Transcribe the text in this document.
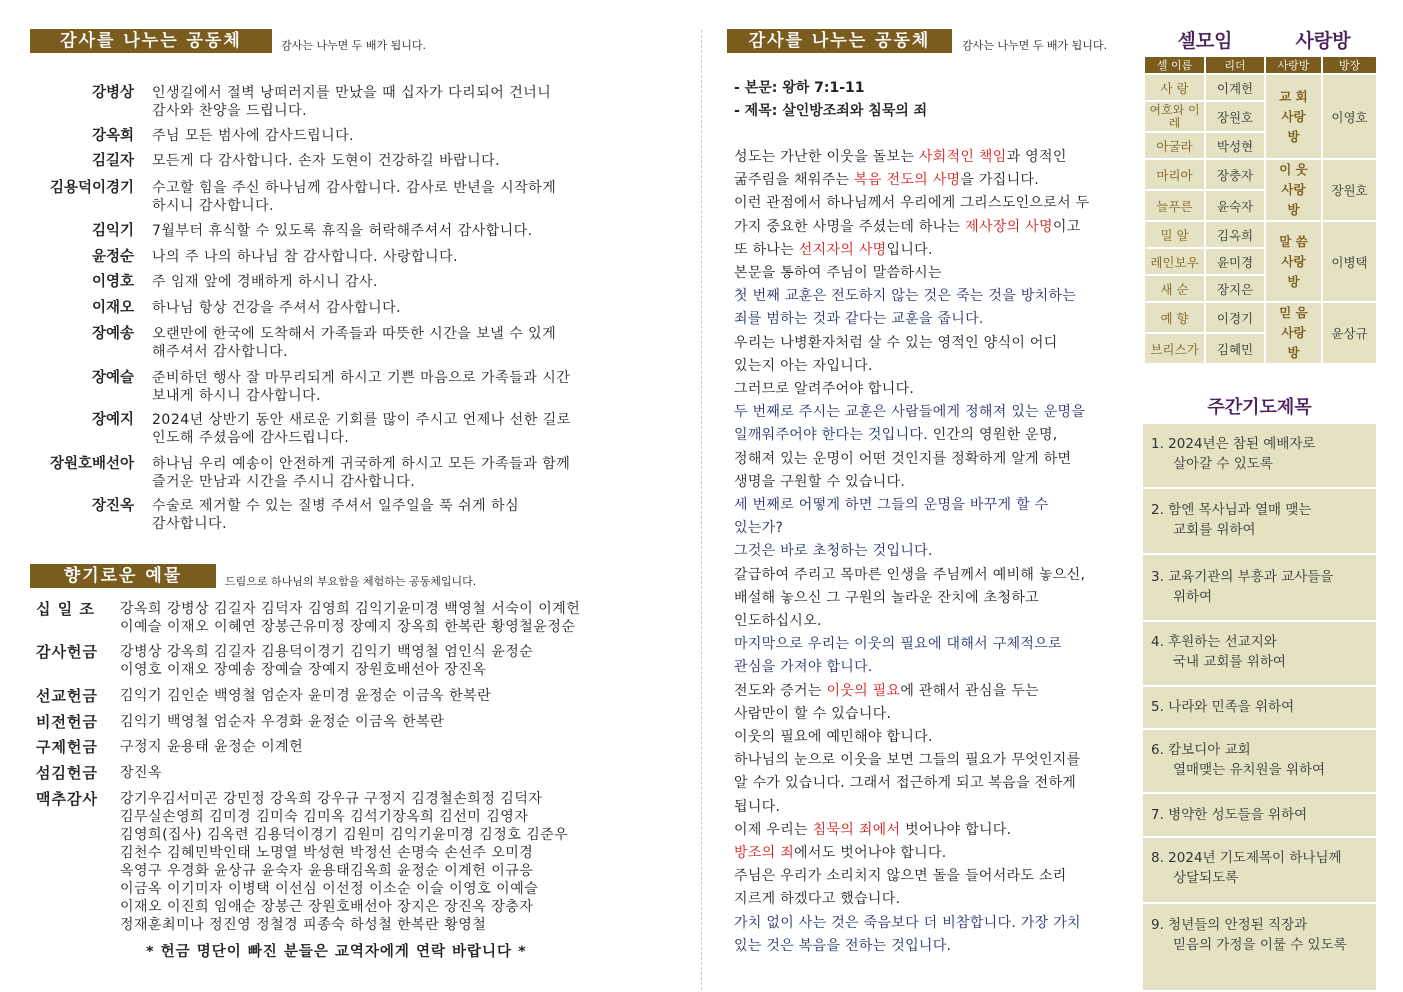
감사를 나누는 공동체	감사는 나누면 두 배가 됩니다.
강병상 인생길에서 절벽 낭떠러지를 만났을 때 십자가 다리되어 건너니
감사와 찬양을 드립니다.
강옥희 주님 모든 범사에 감사드립니다.
김길자 모든게 다 감사합니다. 손자 도현이 건강하길 바랍니다.
김용덕이경기 수고할 힘을 주신 하나님께 감사합니다. 감사로 반년을 시작하게
하시니 감사합니다.
김익기 7월부터 휴식할 수 있도록 휴직을 허락해주셔서 감사합니다.
윤정순 나의 주 나의 하나님 참 감사합니다. 사랑합니다.
이영호 주 임재 앞에 경배하게 하시니 감사.
이재오 하나님 항상 건강을 주셔서 감사합니다.
장예송 오랜만에 한국에 도착해서 가족들과 따뜻한 시간을 보낼 수 있게
해주셔서 감사합니다.
장예슬 준비하던 행사 잘 마무리되게 하시고 기쁜 마음으로 가족들과 시간
보내게 하시니 감사합니다.
장예지 2024년 상반기 동안 새로운 기회를 많이 주시고 언제나 선한 길로
인도해 주셨음에 감사드립니다.
장원호배선아 하나님 우리 예송이 안전하게 귀국하게 하시고 모든 가족들과 함께
즐거운 만남과 시간을 주시니 감사합니다.
장진옥 수술로 제거할 수 있는 질병 주셔서 일주일을 푹 쉬게 하심
감사합니다.
향기로운 예물	드림으로 하나님의 부요함을 체험하는 공동체입니다.
십 일 조	강옥희 강병상 김길자 김덕자 김영희 김익기윤미경 백영철 서숙이 이계헌
이예슬 이재오 이혜연 장봉근유미정 장예지 장옥희 한복란 황영철윤정순
감사헌금	강병상 강옥희 김길자 김용덕이경기 김익기 백영철 엄인식 윤정순
이영호 이재오 장예송 장예슬 장예지 장원호배선아 장진옥
선교헌금	김익기 김인순 백영철 엄순자 윤미경 윤정순 이금옥 한복란
비전헌금	김익기 백영철 엄순자 우경화 윤정순 이금옥 한복란
구제헌금	구정지 윤용태 윤정순 이계헌
섬김헌금	장진옥
맥추감사	강기우김서미곤 강민정 강옥희 강우규 구정지 김경철손희정 김덕자
김무실손영희 김미경 김미숙 김미옥 김석기장옥희 김선미 김영자
김영희(집사) 김옥련 김용덕이경기 김원미 김익기윤미경 김정호 김준우
김천수 김혜민박인태 노명열 박성현 박정선 손명숙 손선주 오미경
옥영구 우경화 윤상규 윤숙자 윤용태김옥희 윤정순 이계헌 이규응
이금옥 이기미자 이병택 이선심 이선정 이소순 이슬 이영호 이예슬
이재오 이진희 임애순 장봉근 장원호배선아 장지은 장진옥 장충자
정재훈최미나 정진영 정철경 피종숙 하성철 한복란 황영철
* 헌금 명단이 빠진 분들은 교역자에게 연락 바랍니다 *
감사를 나누는 공동체	감사는 나누면 두 배가 됩니다.
- 본문: 왕하 7:1-11
- 제목: 살인방조죄와 침묵의 죄
성도는 가난한 이웃을 돌보는 사회적인 책임과 영적인
굶주림을 채워주는 복음 전도의 사명을 가집니다.
이런 관점에서 하나님께서 우리에게 그리스도인으로서 두
가지 중요한 사명을 주셨는데 하나는 제사장의 사명이고
또 하나는 선지자의 사명입니다.
본문을 통하여 주님이 말씀하시는
첫 번째 교훈은 전도하지 않는 것은 죽는 것을 방치하는
죄를 범하는 것과 같다는 교훈을 줍니다.
우리는 나병환자처럼 살 수 있는 영적인 양식이 어디
있는지 아는 자입니다.
그러므로 알려주어야 합니다.
두 번째로 주시는 교훈은 사람들에게 정해져 있는 운명을
일깨워주어야 한다는 것입니다. 인간의 영원한 운명,
정해져 있는 운명이 어떤 것인지를 정확하게 알게 하면
생명을 구원할 수 있습니다.
세 번째로 어떻게 하면 그들의 운명을 바꾸게 할 수
있는가?
그것은 바로 초청하는 것입니다.
갈급하여 주리고 목마른 인생을 주님께서 예비해 놓으신,
배설해 놓으신 그 구원의 놀라운 잔치에 초청하고
인도하십시오.
마지막으로 우리는 이웃의 필요에 대해서 구체적으로
관심을 가져야 합니다.
전도와 증거는 이웃의 필요에 관해서 관심을 두는
사람만이 할 수 있습니다.
이웃의 필요에 예민해야 합니다.
하나님의 눈으로 이웃을 보면 그들의 필요가 무엇인지를
알 수가 있습니다. 그래서 접근하게 되고 복음을 전하게
됩니다.
이제 우리는 침묵의 죄에서 벗어나야 합니다.
방조의 죄에서도 벗어나야 합니다.
주님은 우리가 소리치지 않으면 돌을 들어서라도 소리
지르게 하겠다고 했습니다.
가치 없이 사는 것은 죽음보다 더 비참합니다. 가장 가치
있는 것은 복음을 전하는 것입니다.
셀모임	사랑방
셀 이름	리더	사랑방	방장
사 랑	이계헌	교 회 사랑방	이영호
여호와 이레	장원호		
아굴라	박성현		
마리아	장충자	이 웃 사랑방	장원호
늘푸른	윤숙자		
밀 알	김옥희	말 씀 사랑방	이병택
레인보우	윤미경		
새 순	장지은		
예 향	이경기	믿 음 사랑방	윤상규
브리스가	김혜민		
주간기도제목
1. 2024년은 참된 예배자로
살아갈 수 있도록
2. 함엔 목사님과 열매 맺는
교회를 위하여
3. 교육기관의 부흥과 교사들을
위하여
4. 후원하는 선교지와
국내 교회를 위하여
5. 나라와 민족을 위하여
6. 캄보디아 교회
열매맺는 유치원을 위하여
7. 병약한 성도들을 위하여
8. 2024년 기도제목이 하나님께
상달되도록
9. 청년들의 안정된 직장과
믿음의 가정을 이룰 수 있도록
